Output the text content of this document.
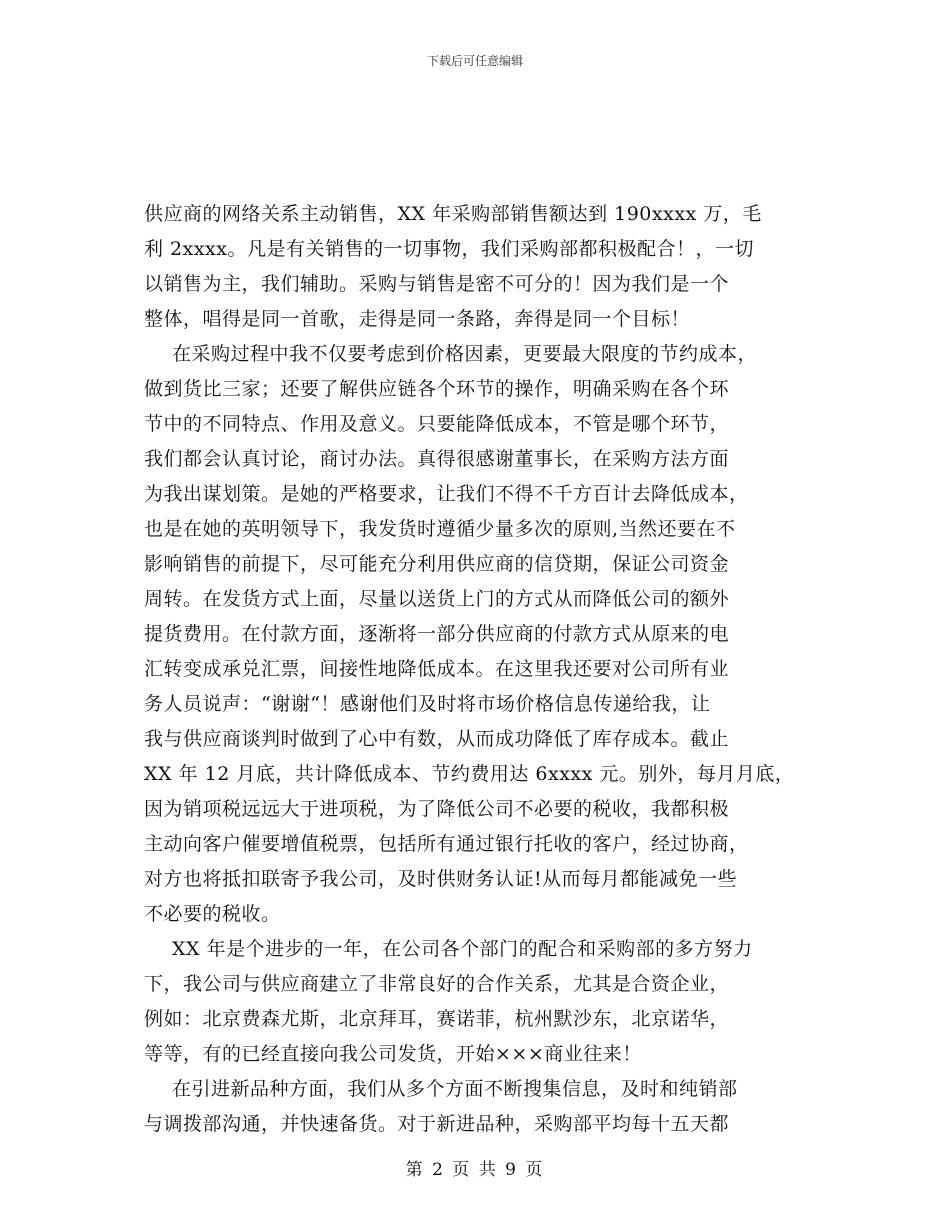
下载后可任意编辑
供应商的网络关系主动销售，XX 年采购部销售额达到 190xxxx 万，毛
利 2xxxx。凡是有关销售的一切事物，我们采购部都积极配合！，一切
以销售为主，我们辅助。采购与销售是密不可分的！因为我们是一个
整体，唱得是同一首歌，走得是同一条路，奔得是同一个目标！
在采购过程中我不仅要考虑到价格因素，更要最大限度的节约成本，
做到货比三家；还要了解供应链各个环节的操作，明确采购在各个环
节中的不同特点、作用及意义。只要能降低成本，不管是哪个环节，
我们都会认真讨论，商讨办法。真得很感谢董事长，在采购方法方面
为我出谋划策。是她的严格要求，让我们不得不千方百计去降低成本，
也是在她的英明领导下，我发货时遵循少量多次的原则,当然还要在不
影响销售的前提下，尽可能充分利用供应商的信贷期，保证公司资金
周转。在发货方式上面，尽量以送货上门的方式从而降低公司的额外
提货费用。在付款方面，逐渐将一部分供应商的付款方式从原来的电
汇转变成承兑汇票，间接性地降低成本。在这里我还要对公司所有业
务人员说声：“谢谢“！感谢他们及时将市场价格信息传递给我，让
我与供应商谈判时做到了心中有数，从而成功降低了库存成本。截止
XX 年 12 月底，共计降低成本、节约费用达 6xxxx 元。别外，每月月底，
因为销项税远远大于进项税，为了降低公司不必要的税收，我都积极
主动向客户催要增值税票，包括所有通过银行托收的客户，经过协商，
对方也将抵扣联寄予我公司，及时供财务认证!从而每月都能减免一些
不必要的税收。
XX 年是个进步的一年，在公司各个部门的配合和采购部的多方努力
下，我公司与供应商建立了非常良好的合作关系，尤其是合资企业，
例如：北京费森尤斯，北京拜耳，赛诺菲，杭州默沙东，北京诺华，
等等，有的已经直接向我公司发货，开始×××商业往来！
在引进新品种方面，我们从多个方面不断搜集信息，及时和纯销部
与调拨部沟通，并快速备货。对于新进品种，采购部平均每十五天都
第 2 页 共 9 页
